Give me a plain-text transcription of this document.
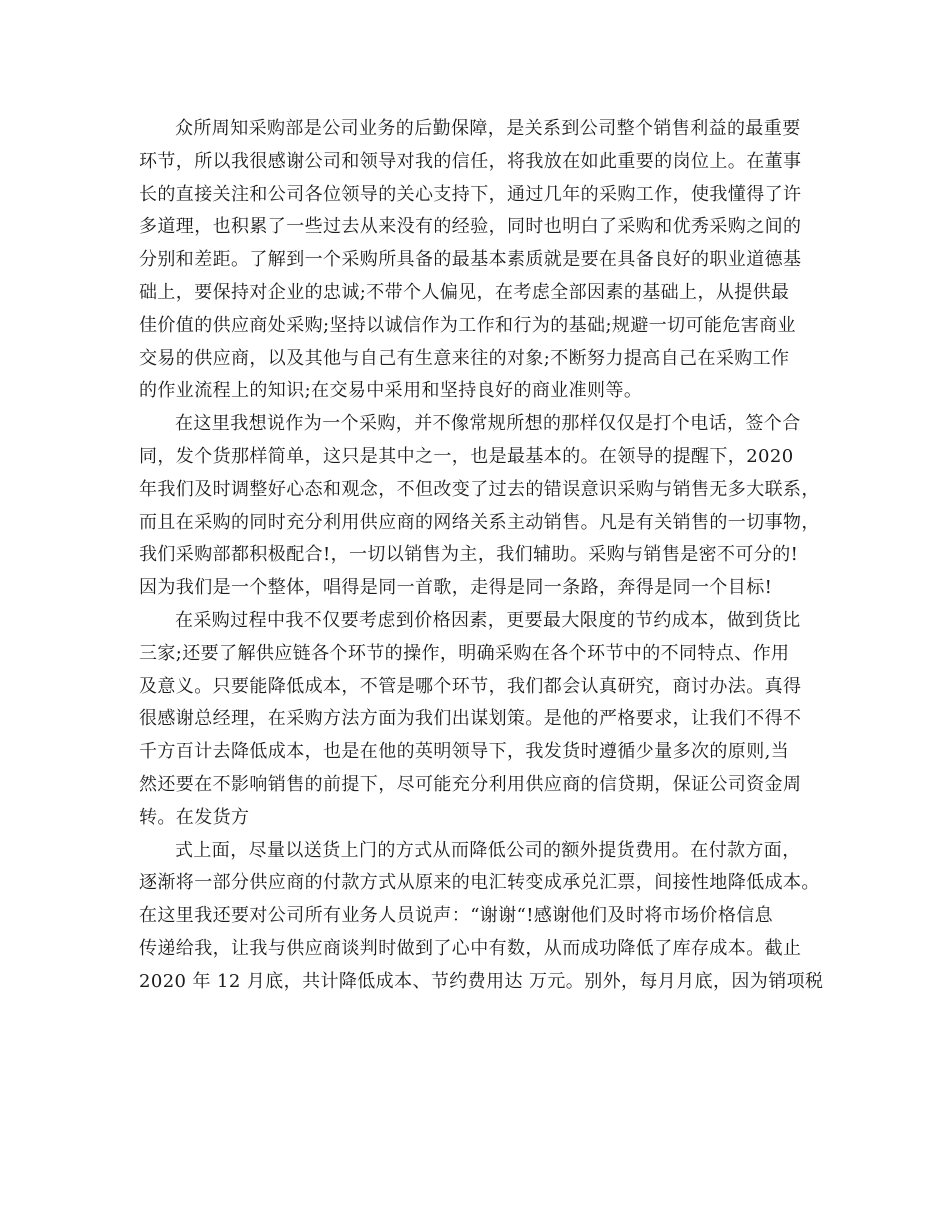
众所周知采购部是公司业务的后勤保障，是关系到公司整个销售利益的最重要
环节，所以我很感谢公司和领导对我的信任，将我放在如此重要的岗位上。在董事
长的直接关注和公司各位领导的关心支持下，通过几年的采购工作，使我懂得了许
多道理，也积累了一些过去从来没有的经验，同时也明白了采购和优秀采购之间的
分别和差距。了解到一个采购所具备的最基本素质就是要在具备良好的职业道德基
础上，要保持对企业的忠诚;不带个人偏见，在考虑全部因素的基础上，从提供最
佳价值的供应商处采购;坚持以诚信作为工作和行为的基础;规避一切可能危害商业
交易的供应商，以及其他与自己有生意来往的对象;不断努力提高自己在采购工作
的作业流程上的知识;在交易中采用和坚持良好的商业准则等。
在这里我想说作为一个采购，并不像常规所想的那样仅仅是打个电话，签个合
同，发个货那样简单，这只是其中之一，也是最基本的。在领导的提醒下，2020
年我们及时调整好心态和观念，不但改变了过去的错误意识采购与销售无多大联系，
而且在采购的同时充分利用供应商的网络关系主动销售。凡是有关销售的一切事物，
我们采购部都积极配合!，一切以销售为主，我们辅助。采购与销售是密不可分的!
因为我们是一个整体，唱得是同一首歌，走得是同一条路，奔得是同一个目标!
在采购过程中我不仅要考虑到价格因素，更要最大限度的节约成本，做到货比
三家;还要了解供应链各个环节的操作，明确采购在各个环节中的不同特点、作用
及意义。只要能降低成本，不管是哪个环节，我们都会认真研究，商讨办法。真得
很感谢总经理，在采购方法方面为我们出谋划策。是他的严格要求，让我们不得不
千方百计去降低成本，也是在他的英明领导下，我发货时遵循少量多次的原则,当
然还要在不影响销售的前提下，尽可能充分利用供应商的信贷期，保证公司资金周
转。在发货方
式上面，尽量以送货上门的方式从而降低公司的额外提货费用。在付款方面，
逐渐将一部分供应商的付款方式从原来的电汇转变成承兑汇票，间接性地降低成本。
在这里我还要对公司所有业务人员说声：“谢谢“!感谢他们及时将市场价格信息
传递给我，让我与供应商谈判时做到了心中有数，从而成功降低了库存成本。截止
2020 年 12 月底，共计降低成本、节约费用达 万元。别外，每月月底，因为销项税
